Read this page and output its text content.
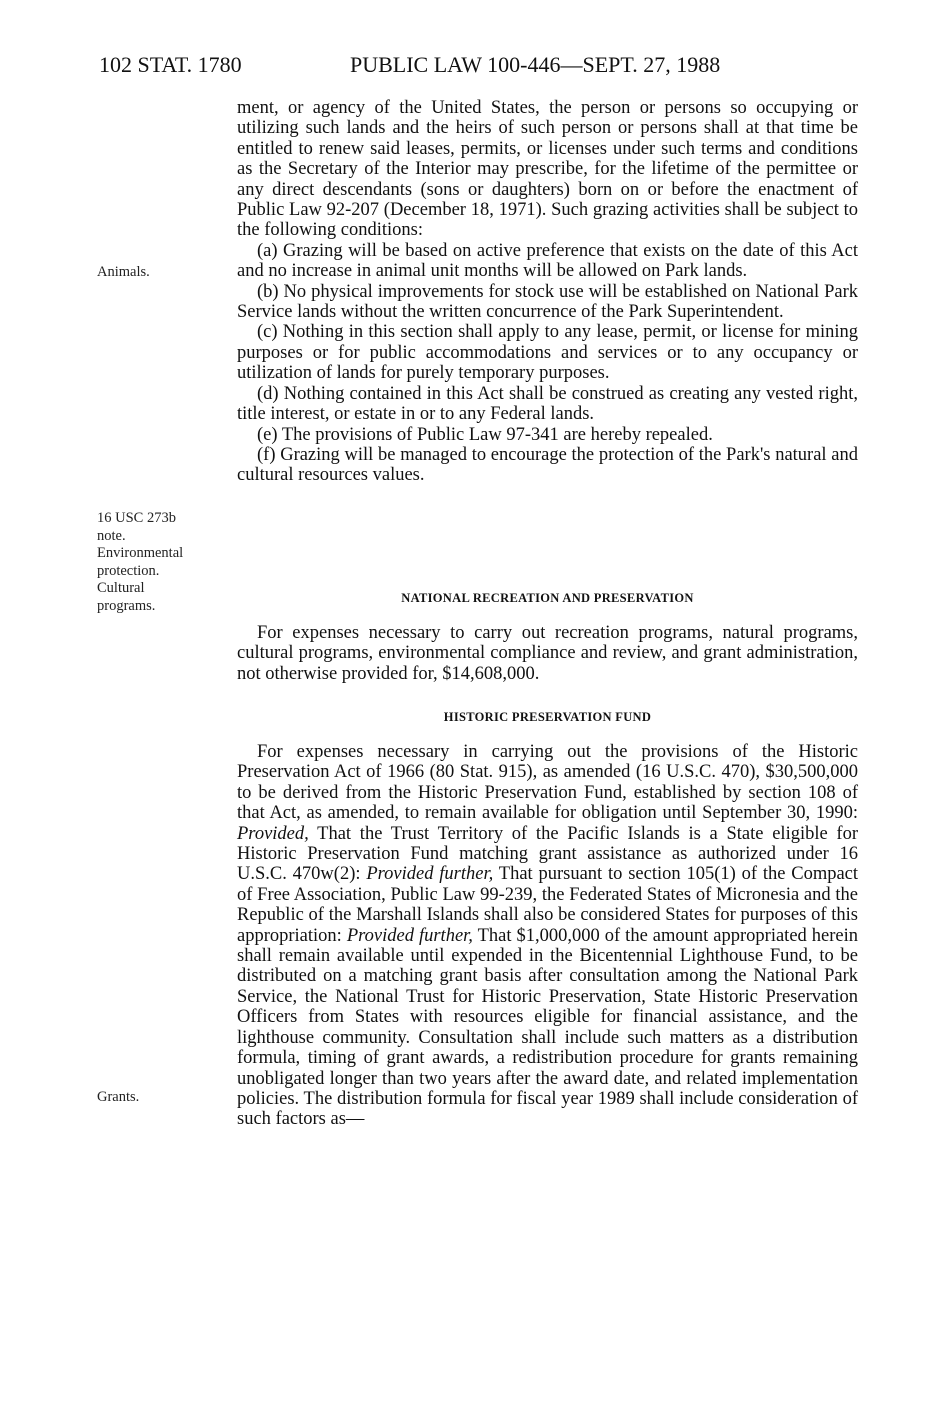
102 STAT. 1780	PUBLIC LAW 100-446—SEPT. 27, 1988
Animals.
16 USC 273b
note.
Environmental
protection.
Cultural
programs.
Grants.

ment, or agency of the United States, the person or persons so occupying or utilizing such lands and the heirs of such person or persons shall at that time be entitled to renew said leases, permits, or licenses under such terms and conditions as the Secretary of the Interior may prescribe, for the lifetime of the permittee or any direct descendants (sons or daughters) born on or before the enactment of Public Law 92-207 (December 18, 1971). Such grazing activities shall be subject to the following conditions:

(a) Grazing will be based on active preference that exists on the date of this Act and no increase in animal unit months will be allowed on Park lands.

(b) No physical improvements for stock use will be established on National Park Service lands without the written concurrence of the Park Superintendent.

(c) Nothing in this section shall apply to any lease, permit, or license for mining purposes or for public accommodations and services or to any occupancy or utilization of lands for purely temporary purposes.

(d) Nothing contained in this Act shall be construed as creating any vested right, title interest, or estate in or to any Federal lands.

(e) The provisions of Public Law 97-341 are hereby repealed.

(f) Grazing will be managed to encourage the protection of the Park's natural and cultural resources values.

NATIONAL RECREATION AND PRESERVATION

For expenses necessary to carry out recreation programs, natural programs, cultural programs, environmental compliance and review, and grant administration, not otherwise provided for, $14,608,000.

HISTORIC PRESERVATION FUND

For expenses necessary in carrying out the provisions of the Historic Preservation Act of 1966 (80 Stat. 915), as amended (16 U.S.C. 470), $30,500,000 to be derived from the Historic Preservation Fund, established by section 108 of that Act, as amended, to remain available for obligation until September 30, 1990: Provided, That the Trust Territory of the Pacific Islands is a State eligible for Historic Preservation Fund matching grant assistance as authorized under 16 U.S.C. 470w(2): Provided further, That pursuant to section 105(1) of the Compact of Free Association, Public Law 99-239, the Federated States of Micronesia and the Republic of the Marshall Islands shall also be considered States for purposes of this appropriation: Provided further, That $1,000,000 of the amount appropriated herein shall remain available until expended in the Bicentennial Lighthouse Fund, to be distributed on a matching grant basis after consultation among the National Park Service, the National Trust for Historic Preservation, State Historic Preservation Officers from States with resources eligible for financial assistance, and the lighthouse community. Consultation shall include such matters as a distribution formula, timing of grant awards, a redistribution procedure for grants remaining unobligated longer than two years after the award date, and related implementation policies. The distribution formula for fiscal year 1989 shall include consideration of such factors as—
